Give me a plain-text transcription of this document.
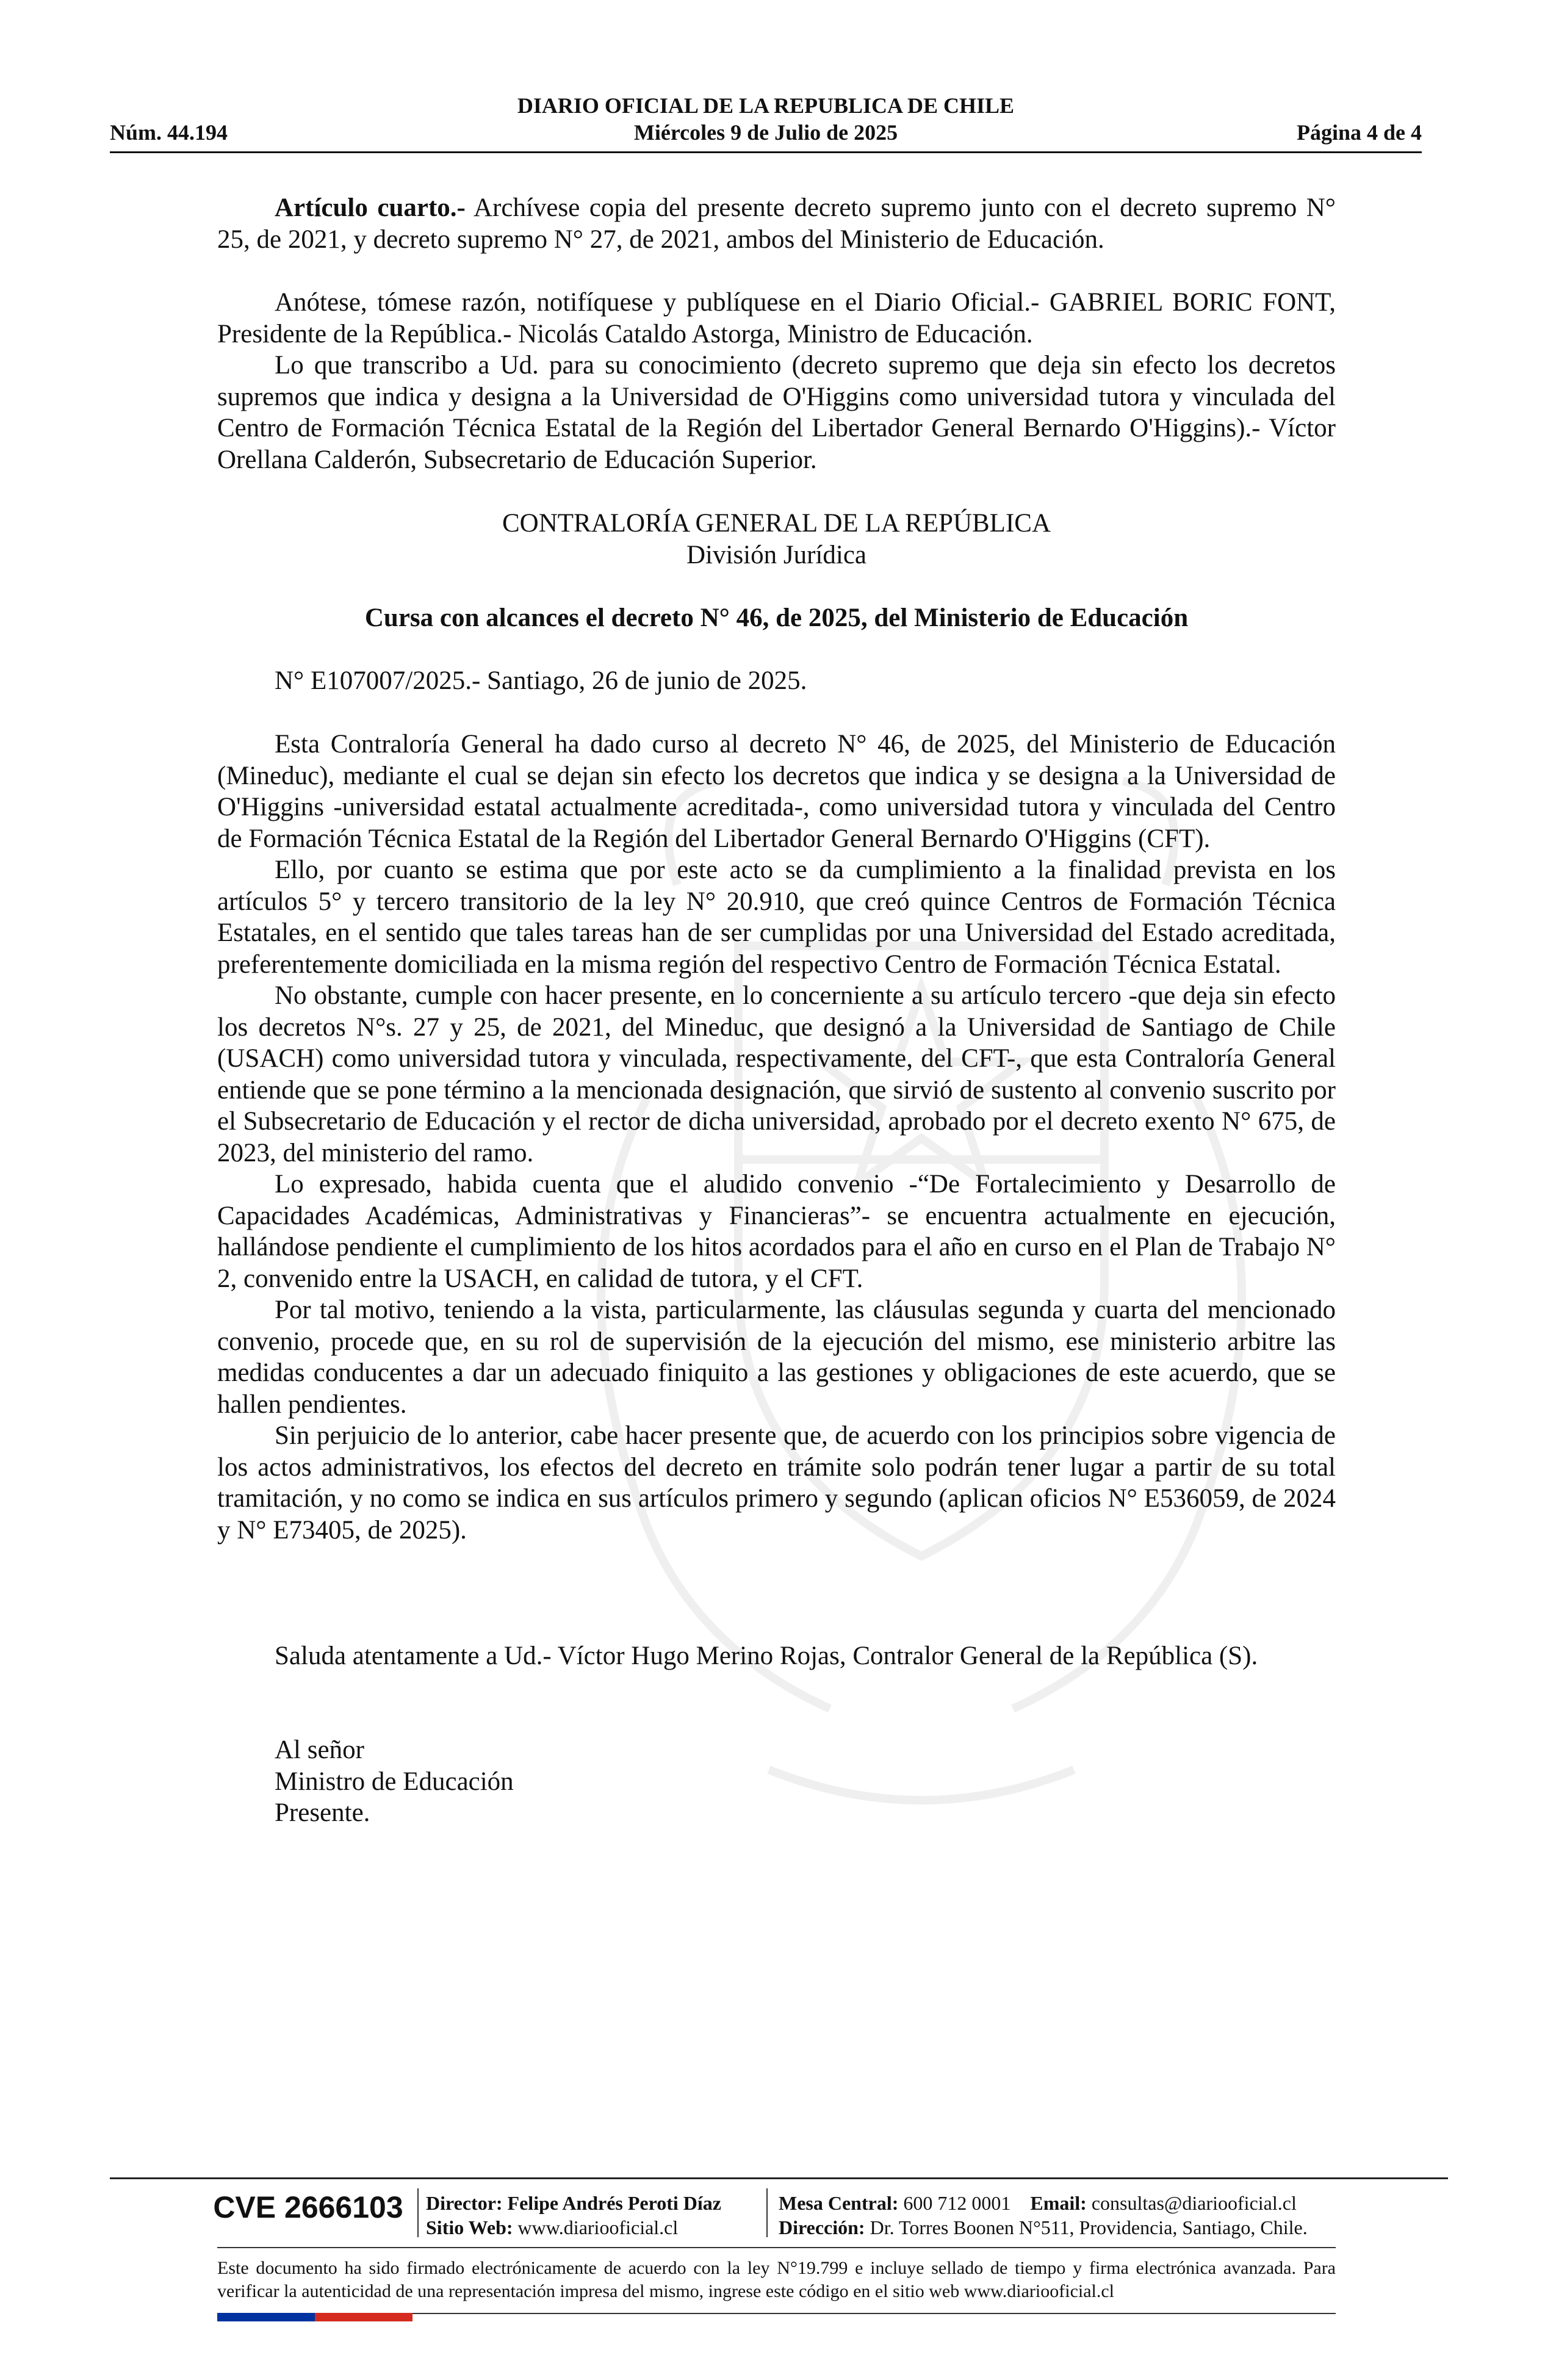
DIARIO OFICIAL DE LA REPUBLICA DE CHILE
Núm. 44.194	Miércoles 9 de Julio de 2025	Página 4 de 4

Artículo cuarto.- Archívese copia del presente decreto supremo junto con el decreto supremo N° 25, de 2021, y decreto supremo N° 27, de 2021, ambos del Ministerio de Educación.

Anótese, tómese razón, notifíquese y publíquese en el Diario Oficial.- GABRIEL BORIC FONT, Presidente de la República.- Nicolás Cataldo Astorga, Ministro de Educación.

Lo que transcribo a Ud. para su conocimiento (decreto supremo que deja sin efecto los decretos supremos que indica y designa a la Universidad de O'Higgins como universidad tutora y vinculada del Centro de Formación Técnica Estatal de la Región del Libertador General Bernardo O'Higgins).- Víctor Orellana Calderón, Subsecretario de Educación Superior.

CONTRALORÍA GENERAL DE LA REPÚBLICA

División Jurídica

Cursa con alcances el decreto N° 46, de 2025, del Ministerio de Educación

N° E107007/2025.- Santiago, 26 de junio de 2025.

Esta Contraloría General ha dado curso al decreto N° 46, de 2025, del Ministerio de Educación (Mineduc), mediante el cual se dejan sin efecto los decretos que indica y se designa a la Universidad de O'Higgins -universidad estatal actualmente acreditada-, como universidad tutora y vinculada del Centro de Formación Técnica Estatal de la Región del Libertador General Bernardo O'Higgins (CFT).

Ello, por cuanto se estima que por este acto se da cumplimiento a la finalidad prevista en los artículos 5° y tercero transitorio de la ley N° 20.910, que creó quince Centros de Formación Técnica Estatales, en el sentido que tales tareas han de ser cumplidas por una Universidad del Estado acreditada, preferentemente domiciliada en la misma región del respectivo Centro de Formación Técnica Estatal.

No obstante, cumple con hacer presente, en lo concerniente a su artículo tercero -que deja sin efecto los decretos N°s. 27 y 25, de 2021, del Mineduc, que designó a la Universidad de Santiago de Chile (USACH) como universidad tutora y vinculada, respectivamente, del CFT-, que esta Contraloría General entiende que se pone término a la mencionada designación, que sirvió de sustento al convenio suscrito por el Subsecretario de Educación y el rector de dicha universidad, aprobado por el decreto exento N° 675, de 2023, del ministerio del ramo.

Lo expresado, habida cuenta que el aludido convenio -“De Fortalecimiento y Desarrollo de Capacidades Académicas, Administrativas y Financieras”- se encuentra actualmente en ejecución, hallándose pendiente el cumplimiento de los hitos acordados para el año en curso en el Plan de Trabajo N° 2, convenido entre la USACH, en calidad de tutora, y el CFT.

Por tal motivo, teniendo a la vista, particularmente, las cláusulas segunda y cuarta del mencionado convenio, procede que, en su rol de supervisión de la ejecución del mismo, ese ministerio arbitre las medidas conducentes a dar un adecuado finiquito a las gestiones y obligaciones de este acuerdo, que se hallen pendientes.

Sin perjuicio de lo anterior, cabe hacer presente que, de acuerdo con los principios sobre vigencia de los actos administrativos, los efectos del decreto en trámite solo podrán tener lugar a partir de su total tramitación, y no como se indica en sus artículos primero y segundo (aplican oficios N° E536059, de 2024 y N° E73405, de 2025).

Saluda atentamente a Ud.- Víctor Hugo Merino Rojas, Contralor General de la República (S).

Al señor

Ministro de Educación

Presente.

CVE 2666103 Director: Felipe Andrés Peroti Díaz
Sitio Web: www.diariooficial.cl
Mesa Central: 600 712 0001 Email: consultas@diariooficial.cl
Dirección: Dr. Torres Boonen N°511, Providencia, Santiago, Chile.
Este documento ha sido firmado electrónicamente de acuerdo con la ley N°19.799 e incluye sellado de tiempo y firma electrónica avanzada. Para verificar la autenticidad de una representación impresa del mismo, ingrese este código en el sitio web www.diariooficial.cl
